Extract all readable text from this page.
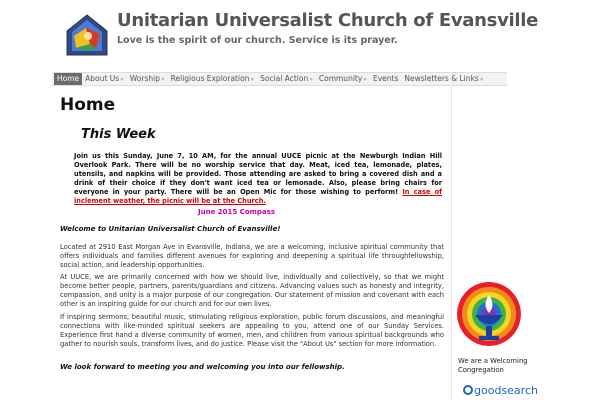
Unitarian Universalist Church of Evansville
Love is the spirit of our church. Service is its prayer.
Home About Us» Worship» Religious Exploration» Social Action» Community» Events Newsletters & Links»
Home
This Week

Join us this Sunday, June 7, 10 AM, for the annual UUCE picnic at the Newburgh Indian Hill Overlook Park. There will be no worship service that day. Meat, iced tea, lemonade, plates, utensils, and napkins will be provided. Those attending are asked to bring a covered dish and a drink of their choice if they don't want iced tea or lemonade. Also, please bring chairs for everyone in your party. There will be an Open Mic for those wishing to perform! In case of inclement weather, the picnic will be at the Church.

June 2015 Compass
Welcome to Unitarian Universalist Church of Evansville!

Located at 2910 East Morgan Ave in Evansville, Indiana, we are a welcoming, inclusive spiritual community that offers individuals and families different avenues for exploring and deepening a spiritual life throughfellowship, social action, and leadership opportunities.

At UUCE, we are primarily concerned with how we should live, individually and collectively, so that we might become better people, partners, parents/guardians and citizens. Advancing values such as honesty and integrity, compassion, and unity is a major purpose of our congregation. Our statement of mission and covenant with each other is an inspiring guide for our church and for our own lives.

If inspiring sermons, beautiful music, stimulating religious exploration, public forum discussions, and meaningful connections with like-minded spiritual seekers are appealing to you, attend one of our Sunday Services. Experience first hand a diverse community of women, men, and children from various spiritual backgrounds who gather to nourish souls, transform lives, and do justice. Please visit the "About Us" section for more information.

We look forward to meeting you and welcoming you into our fellowship.
We are a Welcoming Congregation
goodsearch
